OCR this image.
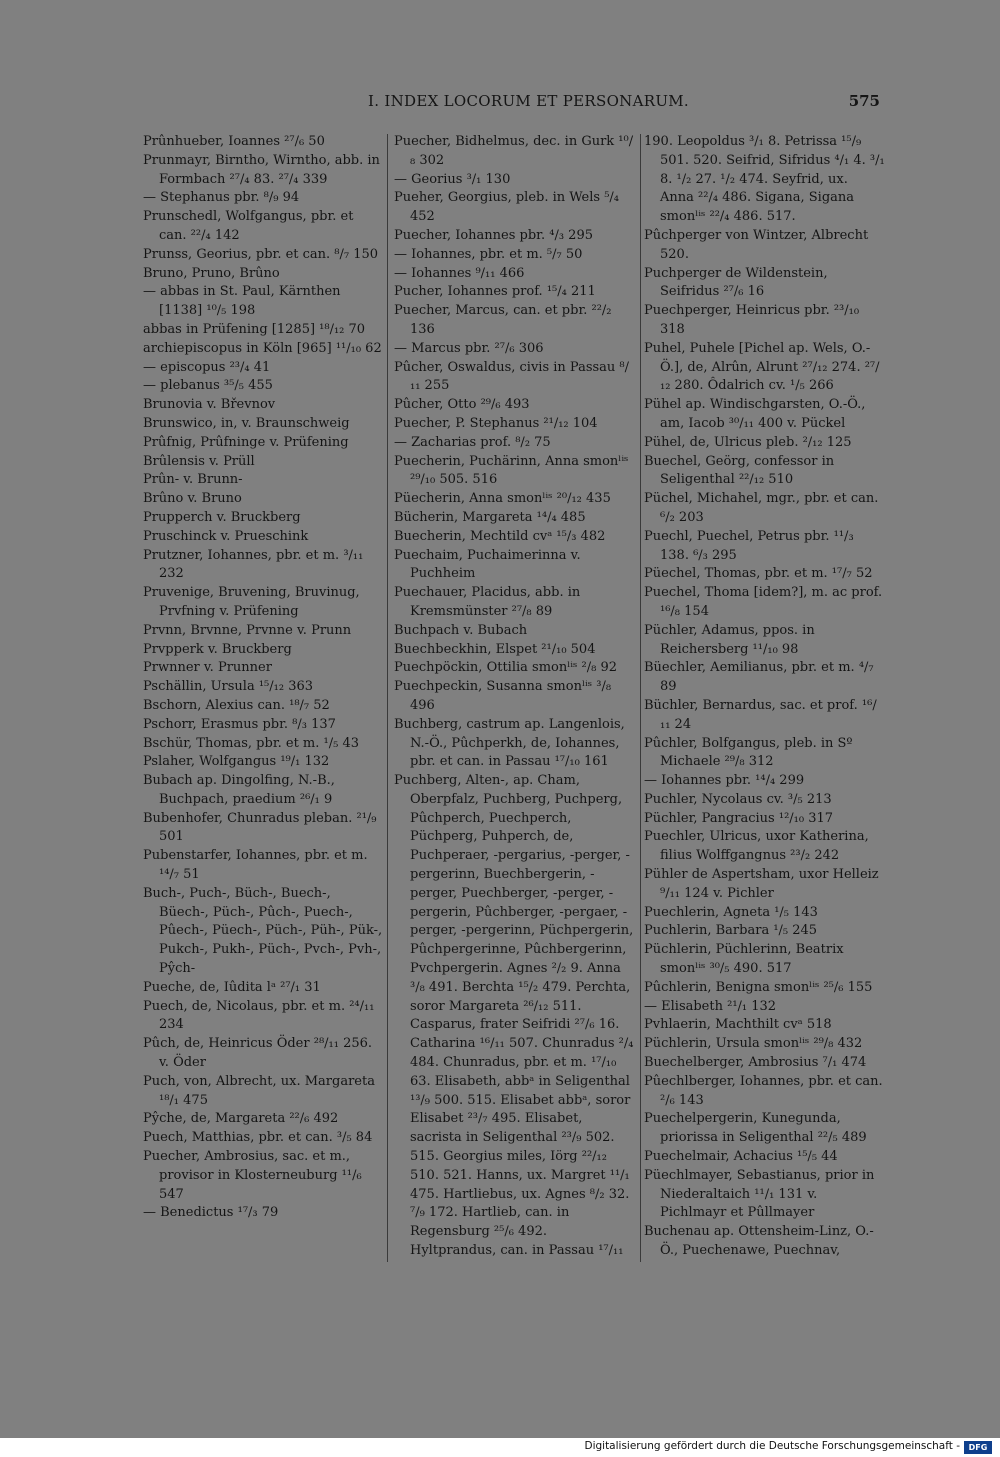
I. INDEX LOCORUM ET PERSONARUM.	575

Prûnhueber, Ioannes ²⁷/₆ 50

Prunmayr, Birntho, Wirntho, abb. in Formbach ²⁷/₄ 83. ²⁷/₄ 339

— Stephanus pbr. ⁸/₉ 94

Prunschedl, Wolfgangus, pbr. et can. ²²/₄ 142

Prunss, Georius, pbr. et can. ⁸/₇ 150

Bruno, Pruno, Brûno

— abbas in St. Paul, Kärnthen [1138] ¹⁰/₅ 198

abbas in Prüfening [1285] ¹⁸/₁₂ 70

archiepiscopus in Köln [965] ¹¹/₁₀ 62

— episcopus ²³/₄ 41

— plebanus ³⁵/₅ 455

Brunovia v. Břevnov

Brunswico, in, v. Braunschweig

Prûfnig, Prûfninge v. Prüfening

Brûlensis v. Prüll

Prûn- v. Brunn-

Brûno v. Bruno

Prupperch v. Bruckberg

Pruschinck v. Prueschink

Prutzner, Iohannes, pbr. et m. ³/₁₁ 232

Pruvenige, Bruvening, Bruvinug, Prvfning v. Prüfening

Prvnn, Brvnne, Prvnne v. Prunn

Prvpperk v. Bruckberg

Prwnner v. Prunner

Pschällin, Ursula ¹⁵/₁₂ 363

Bschorn, Alexius can. ¹⁸/₇ 52

Pschorr, Erasmus pbr. ⁸/₃ 137

Bschür, Thomas, pbr. et m. ¹/₅ 43

Pslaher, Wolfgangus ¹⁹/₁ 132

Bubach ap. Dingolfing, N.-B., Buchpach, praedium ²⁶/₁ 9

Bubenhofer, Chunradus pleban. ²¹/₉ 501

Pubenstarfer, Iohannes, pbr. et m. ¹⁴/₇ 51

Buch-, Puch-, Büch-, Buech-, Büech-, Püch-, Pûch-, Puech-, Pûech-, Püech-, Püch-, Püh-, Pük-, Pukch-, Pukh-, Püch-, Pvch-, Pvh-, Pŷch-

Pueche, de, Iûdita lᵃ ²⁷/₁ 31

Puech, de, Nicolaus, pbr. et m. ²⁴/₁₁ 234

Pûch, de, Heinricus Öder ²⁸/₁₁ 256. v. Öder

Puch, von, Albrecht, ux. Margareta ¹⁸/₁ 475

Pŷche, de, Margareta ²²/₆ 492

Puech, Matthias, pbr. et can. ³/₅ 84

Puecher, Ambrosius, sac. et m., provisor in Klosterneuburg ¹¹/₆ 547

— Benedictus ¹⁷/₃ 79

Puecher, Bidhelmus, dec. in Gurk ¹⁰/₈ 302

— Georius ³/₁ 130

Pueher, Georgius, pleb. in Wels ⁵/₄ 452

Puecher, Iohannes pbr. ⁴/₃ 295

— Iohannes, pbr. et m. ⁵/₇ 50

— Iohannes ⁹/₁₁ 466

Pucher, Iohannes prof. ¹⁵/₄ 211

Puecher, Marcus, can. et pbr. ²²/₂ 136

— Marcus pbr. ²⁷/₆ 306

Pûcher, Oswaldus, civis in Passau ⁸/₁₁ 255

Pûcher, Otto ²⁹/₆ 493

Puecher, P. Stephanus ²¹/₁₂ 104

— Zacharias prof. ⁸/₂ 75

Puecherin, Puchärinn, Anna smonˡⁱˢ ²⁹/₁₀ 505. 516

Püecherin, Anna smonˡⁱˢ ²⁰/₁₂ 435

Bücherin, Margareta ¹⁴/₄ 485

Buecherin, Mechtild cvᵃ ¹⁵/₃ 482

Puechaim, Puchaimerinna v. Puchheim

Puechauer, Placidus, abb. in Kremsmünster ²⁷/₈ 89

Buchpach v. Bubach

Buechbeckhin, Elspet ²¹/₁₀ 504

Puechpöckin, Ottilia smonˡⁱˢ ²/₈ 92

Puechpeckin, Susanna smonˡⁱˢ ³/₈ 496

Buchberg, castrum ap. Langenlois, N.-Ö., Pûchperkh, de, Iohannes, pbr. et can. in Passau ¹⁷/₁₀ 161

Puchberg, Alten-, ap. Cham, Oberpfalz, Puchberg, Puchperg, Pûchperch, Puechperch, Püchperg, Puhperch, de, Puchperaer, -pergarius, -perger, -pergerinn, Buechbergerin, -perger, Puechberger, -perger, -pergerin, Pûchberger, -pergaer, -perger, -pergerinn, Püchpergerin, Pûchpergerinne, Pûchbergerinn, Pvchpergerin. Agnes ²/₂ 9. Anna ³/₈ 491. Berchta ¹⁵/₂ 479. Perchta, soror Margareta ²⁶/₁₂ 511. Casparus, frater Seifridi ²⁷/₆ 16. Catharina ¹⁶/₁₁ 507. Chunradus ²/₄ 484. Chunradus, pbr. et m. ¹⁷/₁₀ 63. Elisabeth, abbᵃ in Seligenthal ¹³/₉ 500. 515. Elisabet abbᵃ, soror Elisabet ²³/₇ 495. Elisabet, sacrista in Seligenthal ²³/₉ 502. 515. Georgius miles, Iörg ²²/₁₂ 510. 521. Hanns, ux. Margret ¹¹/₁ 475. Hartliebus, ux. Agnes ⁸/₂ 32. ⁷/₉ 172. Hartlieb, can. in Regensburg ²⁵/₆ 492. Hyltprandus, can. in Passau ¹⁷/₁₁

190. Leopoldus ³/₁ 8. Petrissa ¹⁵/₉ 501. 520. Seifrid, Sifridus ⁴/₁ 4. ³/₁ 8. ¹/₂ 27. ¹/₂ 474. Seyfrid, ux. Anna ²²/₄ 486. Sigana, Sigana smonˡⁱˢ ²²/₄ 486. 517.

Pûchperger von Wintzer, Albrecht 520.

Puchperger de Wildenstein, Seifridus ²⁷/₆ 16

Puechperger, Heinricus pbr. ²³/₁₀ 318

Puhel, Puhele [Pichel ap. Wels, O.-Ö.], de, Alrûn, Alrunt ²⁷/₁₂ 274. ²⁷/₁₂ 280. Ôdalrich cv. ¹/₅ 266

Pühel ap. Windischgarsten, O.-Ö., am, Iacob ³⁰/₁₁ 400 v. Pückel

Pühel, de, Ulricus pleb. ²/₁₂ 125

Buechel, Geörg, confessor in Seligenthal ²²/₁₂ 510

Püchel, Michahel, mgr., pbr. et can. ⁶/₂ 203

Puechl, Puechel, Petrus pbr. ¹¹/₃ 138. ⁶/₃ 295

Püechel, Thomas, pbr. et m. ¹⁷/₇ 52

Puechel, Thoma [idem?], m. ac prof. ¹⁶/₈ 154

Püchler, Adamus, ppos. in Reichersberg ¹¹/₁₀ 98

Büechler, Aemilianus, pbr. et m. ⁴/₇ 89

Büchler, Bernardus, sac. et prof. ¹⁶/₁₁ 24

Pûchler, Bolfgangus, pleb. in Sº Michaele ²⁹/₈ 312

— Iohannes pbr. ¹⁴/₄ 299

Puchler, Nycolaus cv. ³/₅ 213

Püchler, Pangracius ¹²/₁₀ 317

Puechler, Ulricus, uxor Katherina, filius Wolffgangnus ²³/₂ 242

Pühler de Aspertsham, uxor Helleiz ⁹/₁₁ 124 v. Pichler

Puechlerin, Agneta ¹/₅ 143

Puchlerin, Barbara ¹/₅ 245

Püchlerin, Püchlerinn, Beatrix smonˡⁱˢ ³⁰/₅ 490. 517

Pûchlerin, Benigna smonˡⁱˢ ²⁵/₆ 155

— Elisabeth ²¹/₁ 132

Pvhlaerin, Machthilt cvᵃ 518

Püchlerin, Ursula smonˡⁱˢ ²⁹/₈ 432

Buechelberger, Ambrosius ⁷/₁ 474

Pûechlberger, Iohannes, pbr. et can. ²/₆ 143

Puechelpergerin, Kunegunda, priorissa in Seligenthal ²²/₅ 489

Puechelmair, Achacius ¹⁵/₅ 44

Püechlmayer, Sebastianus, prior in Niederaltaich ¹¹/₁ 131 v. Pichlmayr et Pûllmayer

Buchenau ap. Ottensheim-Linz, O.-Ö., Puechenawe, Puechnav,

Digitalisierung gefördert durch die Deutsche Forschungsgemeinschaft -	DFG
